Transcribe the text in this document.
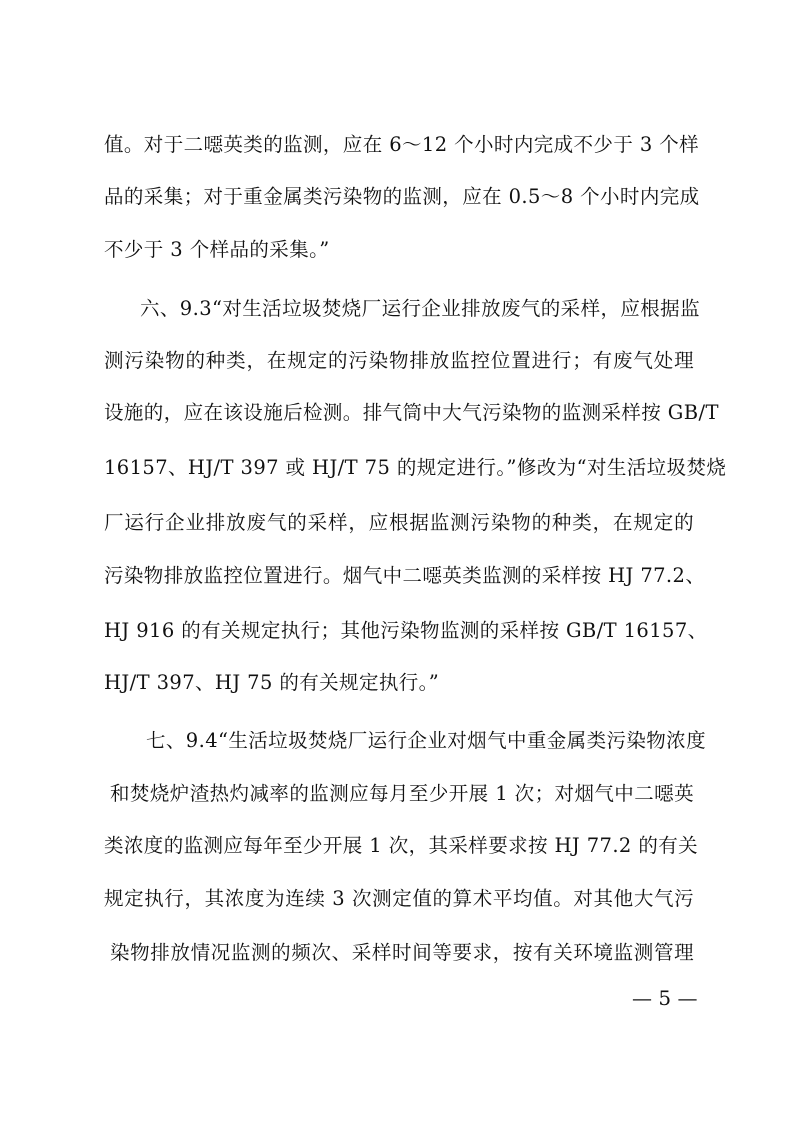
值。对于二噁英类的监测，应在 6～12 个小时内完成不少于 3 个样
品的采集；对于重金属类污染物的监测，应在 0.5～8 个小时内完成
不少于 3 个样品的采集。”
六、9.3“对生活垃圾焚烧厂运行企业排放废气的采样，应根据监
测污染物的种类，在规定的污染物排放监控位置进行；有废气处理
设施的，应在该设施后检测。排气筒中大气污染物的监测采样按 GB/T
16157、HJ/T 397 或 HJ/T 75 的规定进行。”修改为“对生活垃圾焚烧
厂运行企业排放废气的采样，应根据监测污染物的种类，在规定的
污染物排放监控位置进行。烟气中二噁英类监测的采样按 HJ 77.2、
HJ 916 的有关规定执行；其他污染物监测的采样按 GB/T 16157、
HJ/T 397、HJ 75 的有关规定执行。”
七、9.4“生活垃圾焚烧厂运行企业对烟气中重金属类污染物浓度
和焚烧炉渣热灼减率的监测应每月至少开展 1 次；对烟气中二噁英
类浓度的监测应每年至少开展 1 次，其采样要求按 HJ 77.2 的有关
规定执行，其浓度为连续 3 次测定值的算术平均值。对其他大气污
染物排放情况监测的频次、采样时间等要求，按有关环境监测管理
— 5 —
